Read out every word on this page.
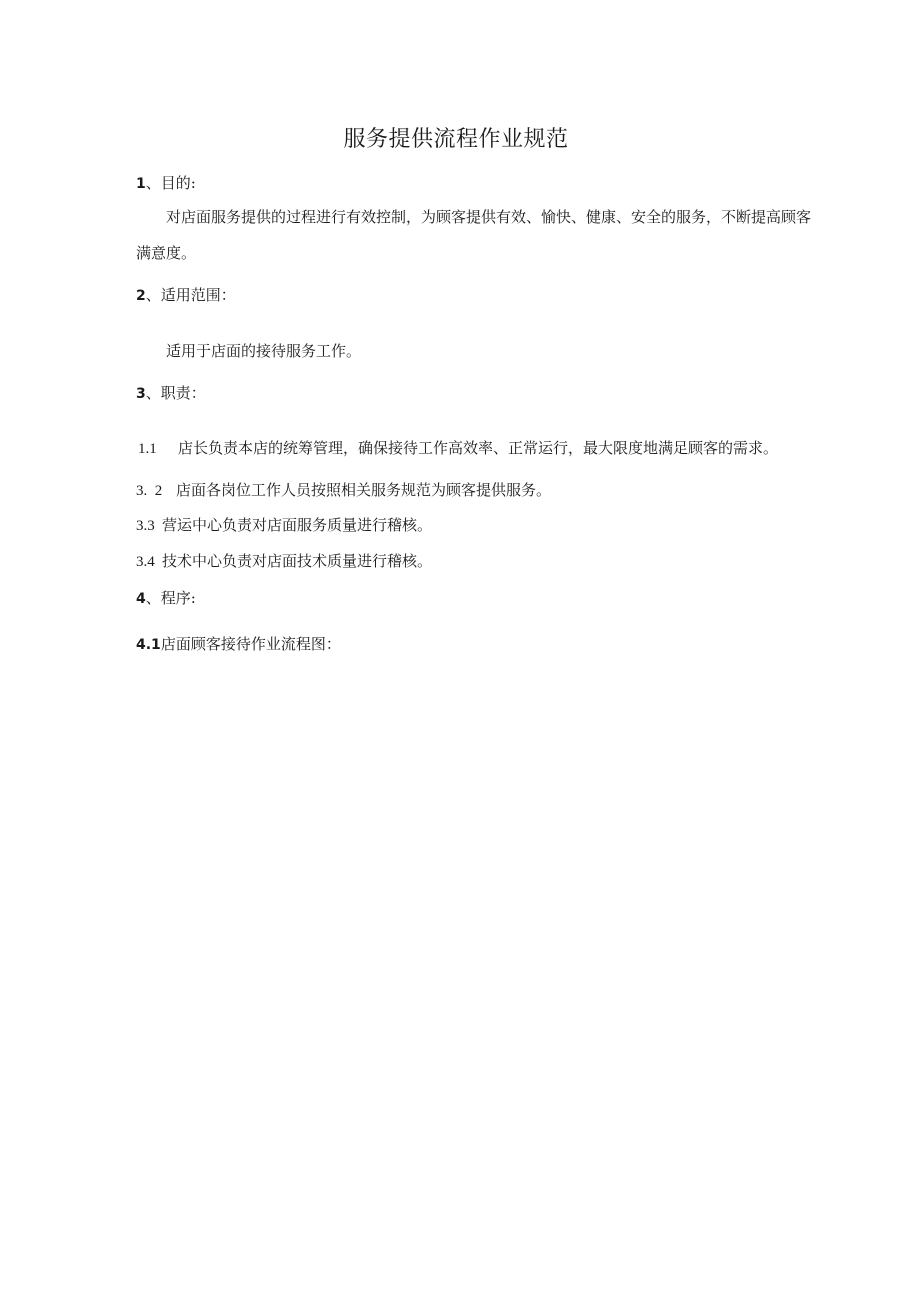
服务提供流程作业规范
1、目的:
对店面服务提供的过程进行有效控制，为顾客提供有效、愉快、健康、安全的服务，不断提高顾客
满意度。
2、适用范围：
适用于店面的接待服务工作。
3、职责：
1.1 店长负责本店的统筹管理，确保接待工作高效率、正常运行，最大限度地满足顾客的需求。
3.  2 店面各岗位工作人员按照相关服务规范为顾客提供服务。
3.3 营运中心负责对店面服务质量进行稽核。
3.4 技术中心负责对店面技术质量进行稽核。
4、程序:
4.1店面顾客接待作业流程图：
